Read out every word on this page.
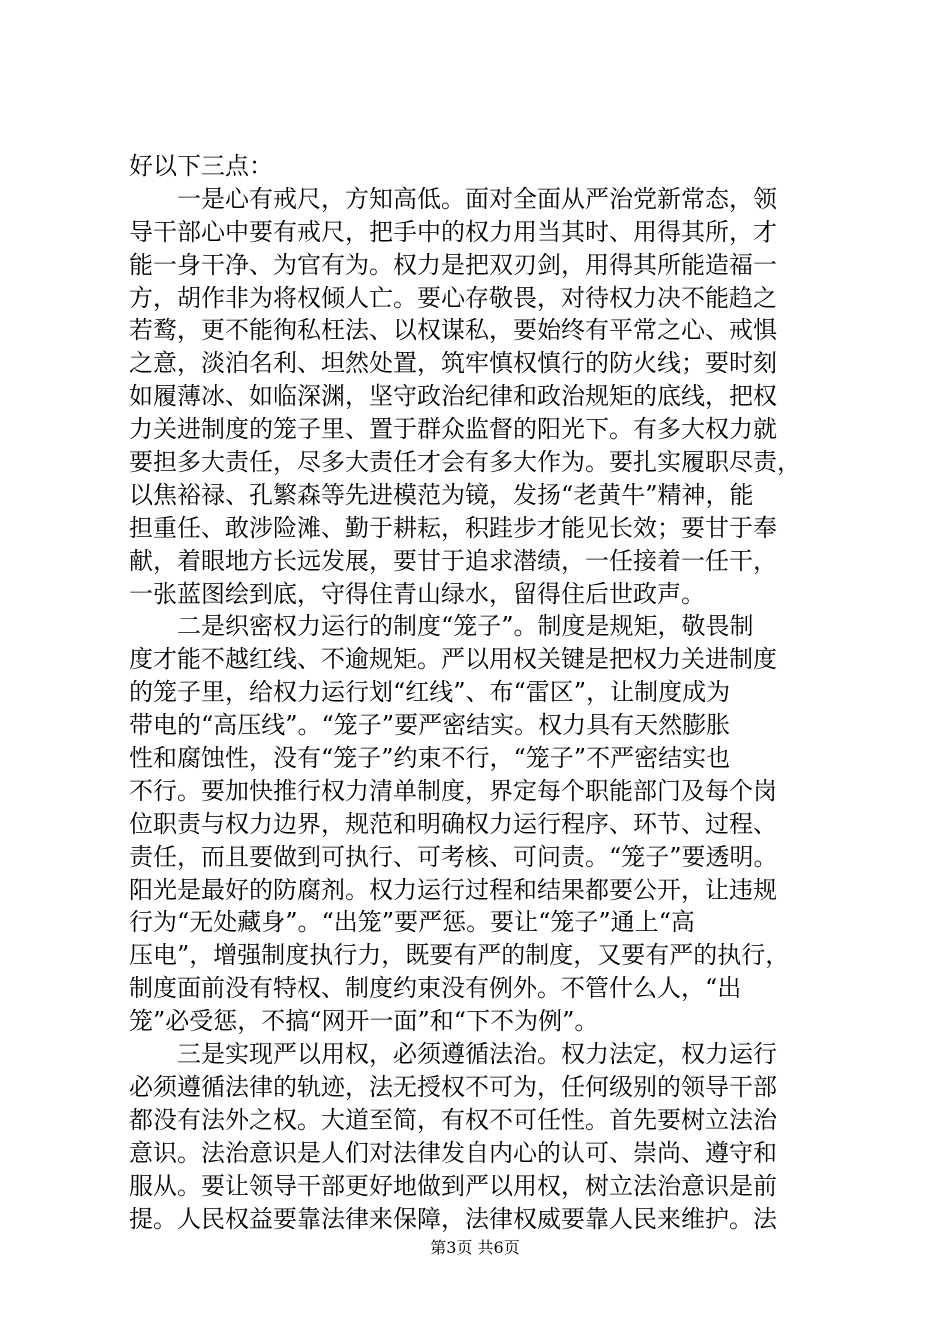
好以下三点：
一是心有戒尺，方知高低。面对全面从严治党新常态，领
导干部心中要有戒尺，把手中的权力用当其时、用得其所，才
能一身干净、为官有为。权力是把双刃剑，用得其所能造福一
方，胡作非为将权倾人亡。要心存敬畏，对待权力决不能趋之
若鹜，更不能徇私枉法、以权谋私，要始终有平常之心、戒惧
之意，淡泊名利、坦然处置，筑牢慎权慎行的防火线；要时刻
如履薄冰、如临深渊，坚守政治纪律和政治规矩的底线，把权
力关进制度的笼子里、置于群众监督的阳光下。有多大权力就
要担多大责任，尽多大责任才会有多大作为。要扎实履职尽责，
以焦裕禄、孔繁森等先进模范为镜，发扬“老黄牛”精神，能
担重任、敢涉险滩、勤于耕耘，积跬步才能见长效；要甘于奉
献，着眼地方长远发展，要甘于追求潜绩，一任接着一任干，
一张蓝图绘到底，守得住青山绿水，留得住后世政声。
二是织密权力运行的制度“笼子”。制度是规矩，敬畏制
度才能不越红线、不逾规矩。严以用权关键是把权力关进制度
的笼子里，给权力运行划“红线”、布“雷区”，让制度成为
带电的“高压线”。“笼子”要严密结实。权力具有天然膨胀
性和腐蚀性，没有“笼子”约束不行，“笼子”不严密结实也
不行。要加快推行权力清单制度，界定每个职能部门及每个岗
位职责与权力边界，规范和明确权力运行程序、环节、过程、
责任，而且要做到可执行、可考核、可问责。“笼子”要透明。
阳光是最好的防腐剂。权力运行过程和结果都要公开，让违规
行为“无处藏身”。“出笼”要严惩。要让“笼子”通上“高
压电”，增强制度执行力，既要有严的制度，又要有严的执行，
制度面前没有特权、制度约束没有例外。不管什么人，“出
笼”必受惩，不搞“网开一面”和“下不为例”。
三是实现严以用权，必须遵循法治。权力法定，权力运行
必须遵循法律的轨迹，法无授权不可为，任何级别的领导干部
都没有法外之权。大道至简，有权不可任性。首先要树立法治
意识。法治意识是人们对法律发自内心的认可、崇尚、遵守和
服从。要让领导干部更好地做到严以用权，树立法治意识是前
提。人民权益要靠法律来保障，法律权威要靠人民来维护。法
第3页 共6页
